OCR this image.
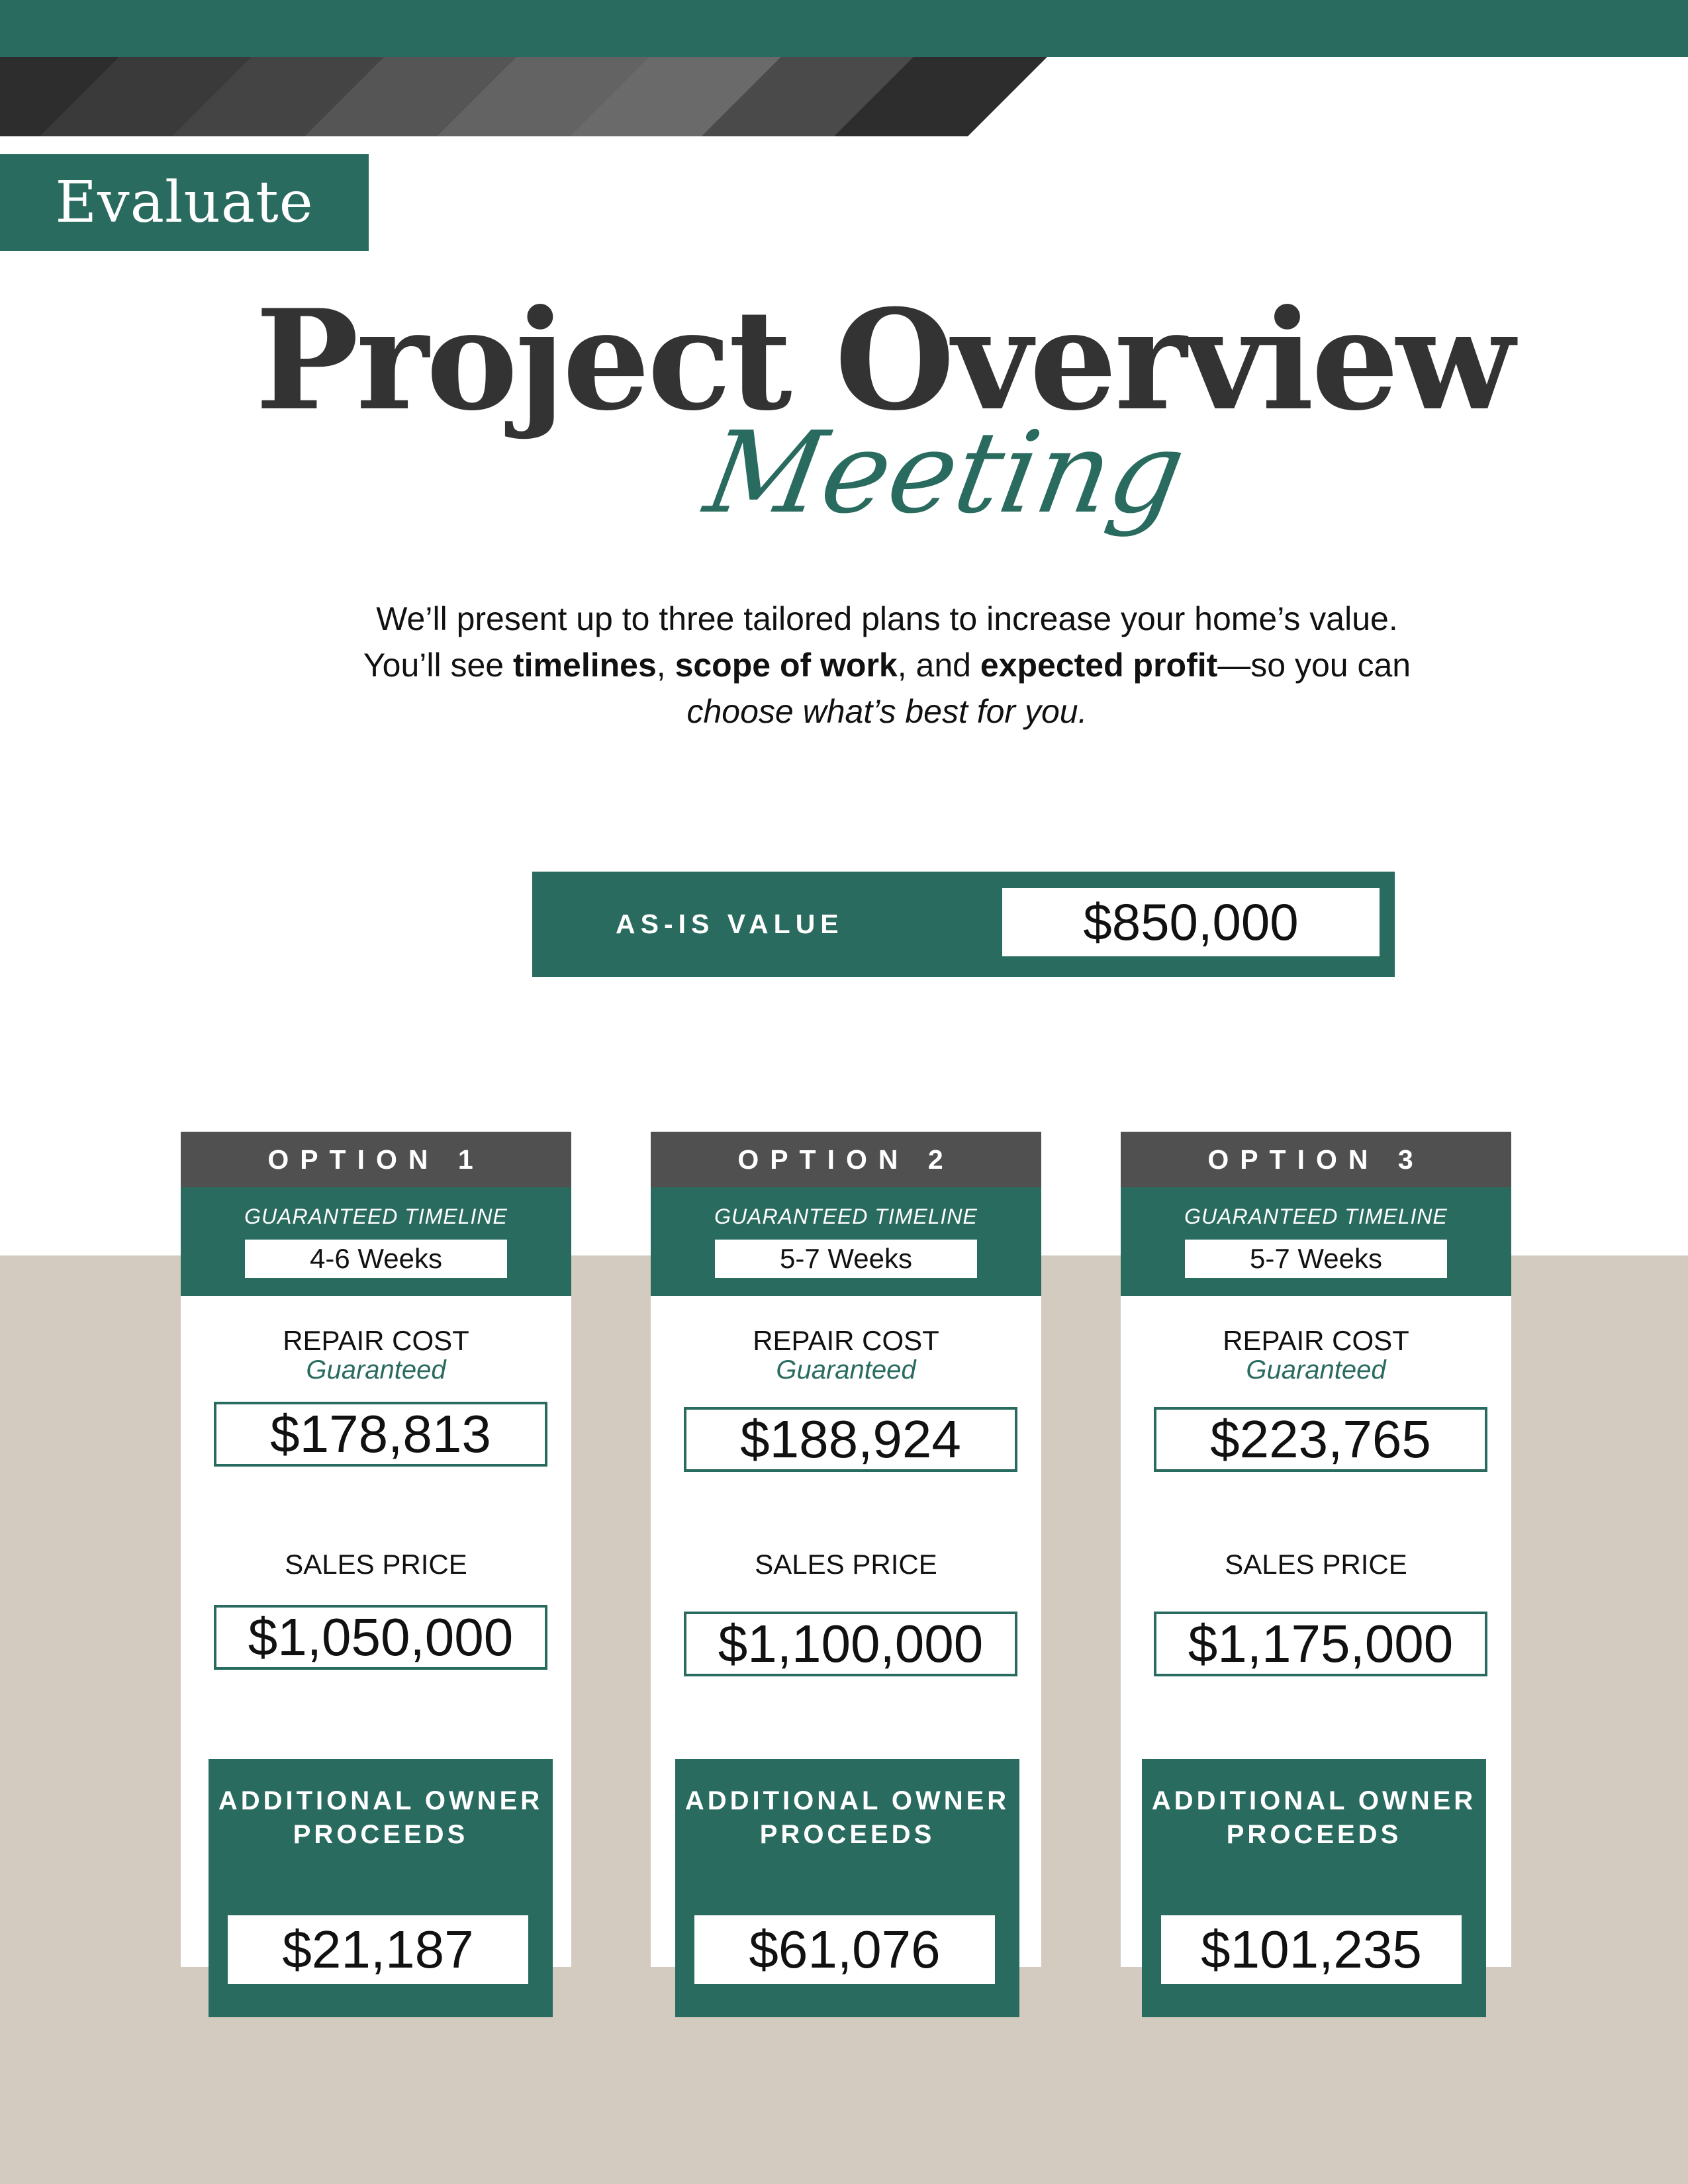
Evaluate
Project Overview
Meeting
We’ll present up to three tailored plans to increase your home’s value.
You’ll see timelines, scope of work, and expected profit—so you can
choose what’s best for you.
AS-IS VALUE	$850,000
OPTION 1
GUARANTEED TIMELINE
4-6 Weeks
REPAIR COST
Guaranteed
$178,813
SALES PRICE
$1,050,000
ADDITIONAL OWNER PROCEEDS
$21,187
OPTION 2
GUARANTEED TIMELINE
5-7 Weeks
REPAIR COST
Guaranteed
$188,924
SALES PRICE
$1,100,000
ADDITIONAL OWNER PROCEEDS
$61,076
OPTION 3
GUARANTEED TIMELINE
5-7 Weeks
REPAIR COST
Guaranteed
$223,765
SALES PRICE
$1,175,000
ADDITIONAL OWNER PROCEEDS
$101,235
